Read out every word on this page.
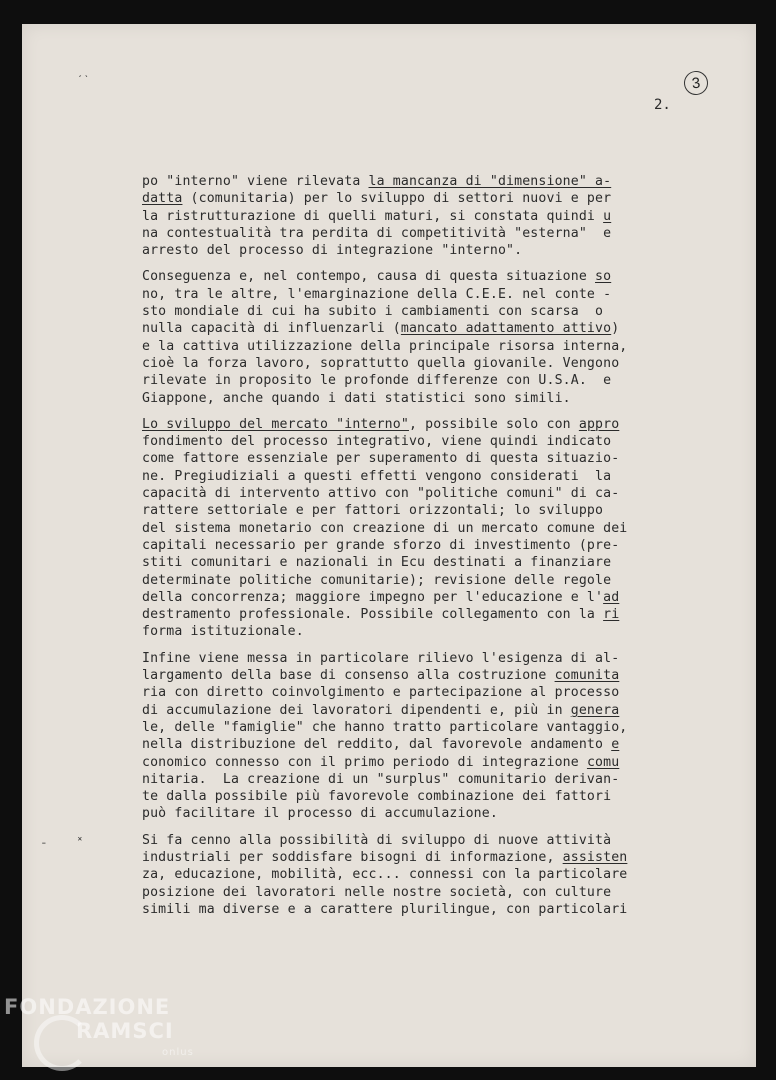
3
2.
ˏ ˎ
˗	˟
po "interno" viene rilevata la mancanza di "dimensione" a-
datta (comunitaria) per lo sviluppo di settori nuovi e per
la ristrutturazione di quelli maturi, si constata quindi u
na contestualità tra perdita di competitività "esterna"  e
arresto del processo di integrazione "interno".
Conseguenza e, nel contempo, causa di questa situazione so
no, tra le altre, l'emarginazione della C.E.E. nel conte -
sto mondiale di cui ha subito i cambiamenti con scarsa  o
nulla capacità di influenzarli (mancato adattamento attivo)
e la cattiva utilizzazione della principale risorsa interna,
cioè la forza lavoro, soprattutto quella giovanile. Vengono
rilevate in proposito le profonde differenze con U.S.A.  e
Giappone, anche quando i dati statistici sono simili.
Lo sviluppo del mercato "interno", possibile solo con appro
fondimento del processo integrativo, viene quindi indicato
come fattore essenziale per superamento di questa situazio-
ne. Pregiudiziali a questi effetti vengono considerati  la
capacità di intervento attivo con "politiche comuni" di ca-
rattere settoriale e per fattori orizzontali; lo sviluppo
del sistema monetario con creazione di un mercato comune dei
capitali necessario per grande sforzo di investimento (pre-
stiti comunitari e nazionali in Ecu destinati a finanziare
determinate politiche comunitarie); revisione delle regole
della concorrenza; maggiore impegno per l'educazione e l'ad
destramento professionale. Possibile collegamento con la ri
forma istituzionale.
Infine viene messa in particolare rilievo l'esigenza di al-
largamento della base di consenso alla costruzione comunita
ria con diretto coinvolgimento e partecipazione al processo
di accumulazione dei lavoratori dipendenti e, più in genera
le, delle "famiglie" che hanno tratto particolare vantaggio,
nella distribuzione del reddito, dal favorevole andamento e
conomico connesso con il primo periodo di integrazione comu
nitaria.  La creazione di un "surplus" comunitario derivan-
te dalla possibile più favorevole combinazione dei fattori
può facilitare il processo di accumulazione.
Si fa cenno alla possibilità di sviluppo di nuove attività
industriali per soddisfare bisogni di informazione, assisten
za, educazione, mobilità, ecc... connessi con la particolare
posizione dei lavoratori nelle nostre società, con culture
simili ma diverse e a carattere plurilingue, con particolari
FONDAZIONE
RAMSCI
onlus
